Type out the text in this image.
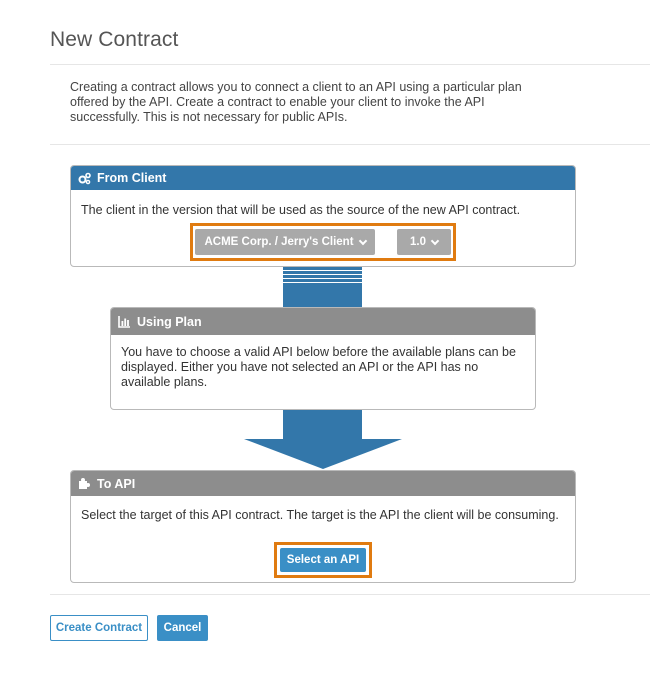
New Contract
Creating a contract allows you to connect a client to an API using a particular plan offered by the API. Create a contract to enable your client to invoke the API successfully. This is not necessary for public APIs.
From Client
The client in the version that will be used as the source of the new API contract.
ACME Corp. / Jerry's Client	1.0
Using Plan
You have to choose a valid API below before the available plans can be displayed. Either you have not selected an API or the API has no available plans.
To API
Select the target of this API contract. The target is the API the client will be consuming.
Select an API
Create Contract	Cancel
